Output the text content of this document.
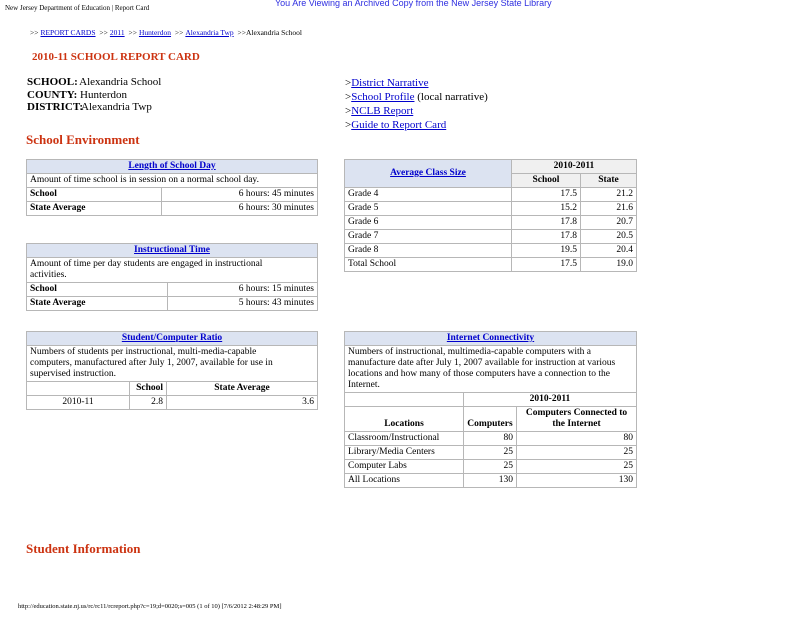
New Jersey Department of Education | Report Card	You Are Viewing an Archived Copy from the New Jersey State Library
>> REPORT CARDS >> 2011 >> Hunterdon >> Alexandria Twp >>Alexandria School
2010-11 SCHOOL REPORT CARD
SCHOOL: Alexandria School
COUNTY: Hunterdon
DISTRICT:Alexandria Twp
>District Narrative
>School Profile (local narrative)
>NCLB Report
>Guide to Report Card
School Environment
Length of School Day	
Amount of time school is in session on a normal school day.	
School	6 hours: 45 minutes
State Average	6 hours: 30 minutes
Instructional Time	

Amount of time per day students are engaged in instructional activities.	

School	6 hours: 15 minutes
State Average	5 hours: 43 minutes
Student/Computer Ratio		

Numbers of students per instructional, multi-media-capable computers, manufactured after July 1, 2007, available for use in supervised instruction.		

	School	State Average
2010-11	2.8	3.6
Average Class Size	2010-2011	
	School	State
Grade 4	17.5	21.2
Grade 5	15.2	21.6
Grade 6	17.8	20.7
Grade 7	17.8	20.5
Grade 8	19.5	20.4
Total School	17.5	19.0
Internet Connectivity		
Numbers of instructional, multimedia-capable computers with a manufacture date after July 1, 2007 available for instruction at various locations and how many of those computers have a connection to the Internet.		
	2010-2011	
Locations	Computers	Computers Connected to the Internet
Classroom/Instructional	80	80
Library/Media Centers	25	25
Computer Labs	25	25
All Locations	130	130
Student Information
http://education.state.nj.us/rc/rc11/rcreport.php?c=19;d=0020;s=005 (1 of 10) [7/6/2012 2:48:29 PM]
